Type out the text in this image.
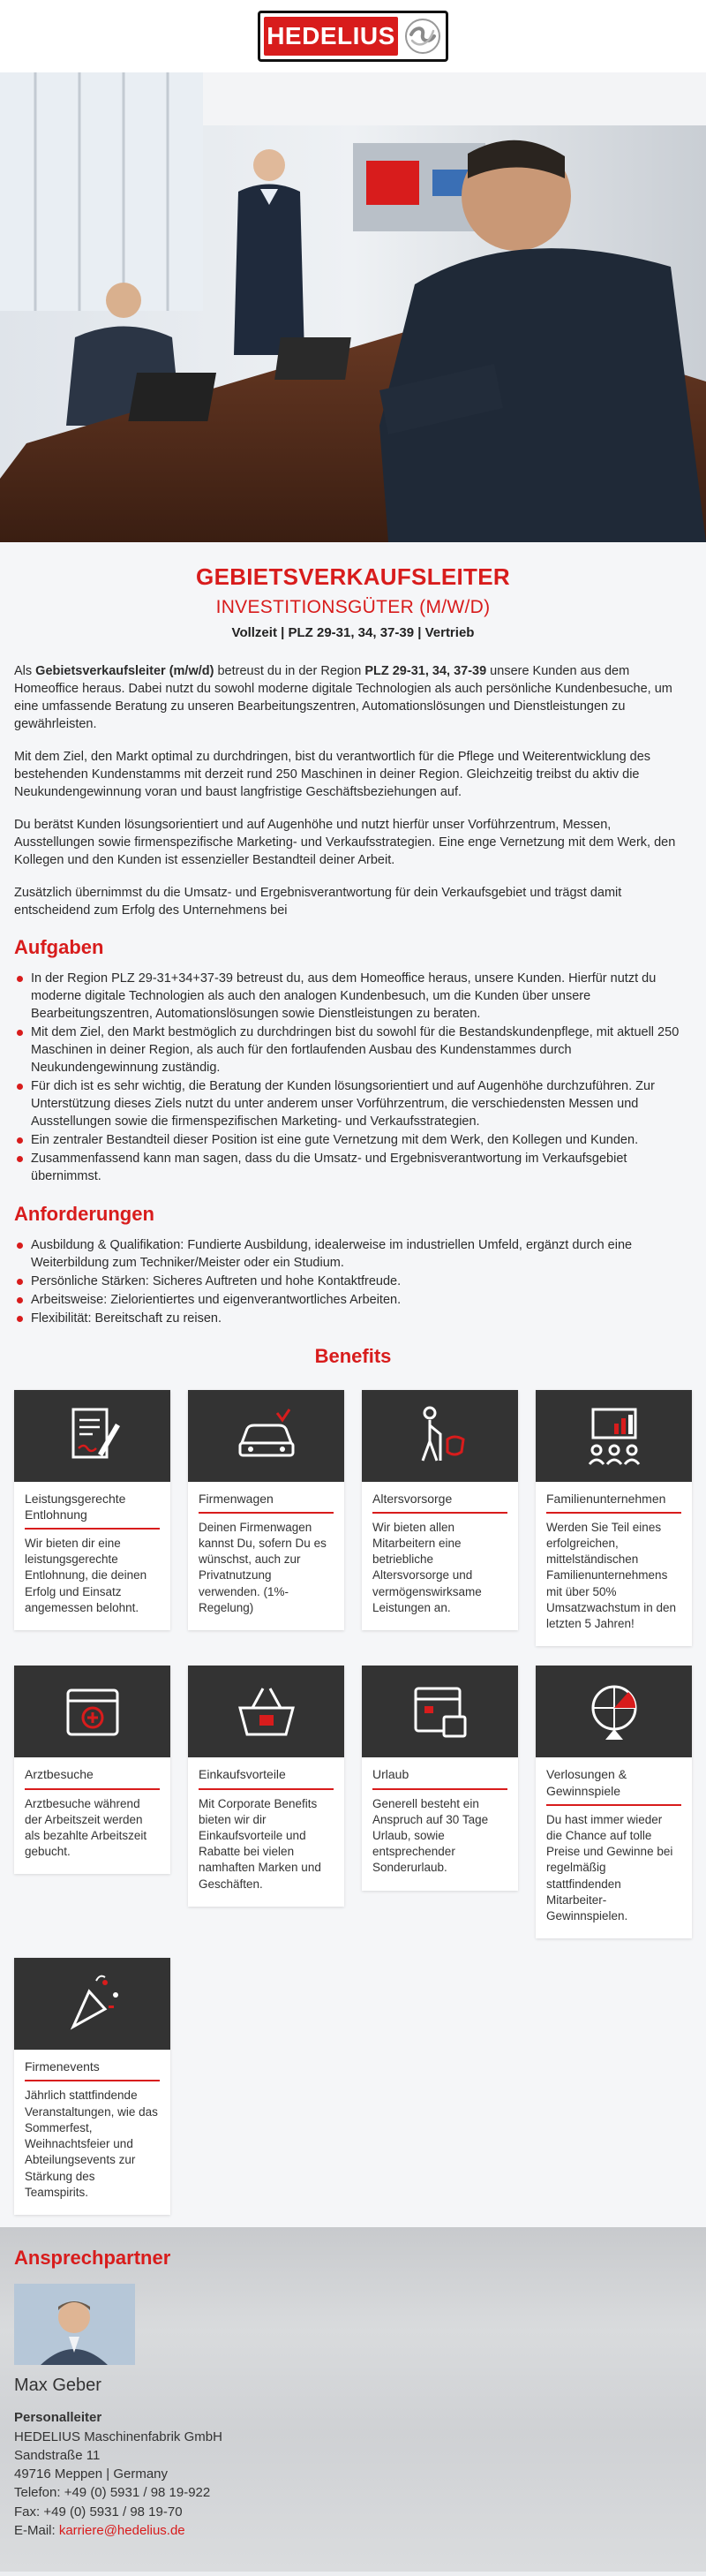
HEDELIUS
GEBIETSVERKAUFSLEITER
INVESTITIONSGÜTER (M/W/D)
Vollzeit | PLZ 29-31, 34, 37-39 | Vertrieb

Als Gebietsverkaufsleiter (m/w/d) betreust du in der Region PLZ 29-31, 34, 37-39 unsere Kunden aus dem Homeoffice heraus. Dabei nutzt du sowohl moderne digitale Technologien als auch persönliche Kundenbesuche, um eine umfassende Beratung zu unseren Bearbeitungszentren, Automationslösungen und Dienstleistungen zu gewährleisten.

Mit dem Ziel, den Markt optimal zu durchdringen, bist du verantwortlich für die Pflege und Weiterentwicklung des bestehenden Kundenstamms mit derzeit rund 250 Maschinen in deiner Region. Gleichzeitig treibst du aktiv die Neukundengewinnung voran und baust langfristige Geschäftsbeziehungen auf.

Du berätst Kunden lösungsorientiert und auf Augenhöhe und nutzt hierfür unser Vorführzentrum, Messen, Ausstellungen sowie firmenspezifische Marketing- und Verkaufsstrategien. Eine enge Vernetzung mit dem Werk, den Kollegen und den Kunden ist essenzieller Bestandteil deiner Arbeit.

Zusätzlich übernimmst du die Umsatz- und Ergebnisverantwortung für dein Verkaufsgebiet und trägst damit entscheidend zum Erfolg des Unternehmens bei

Aufgaben
In der Region PLZ 29-31+34+37-39 betreust du, aus dem Homeoffice heraus, unsere Kunden. Hierfür nutzt du moderne digitale Technologien als auch den analogen Kundenbesuch, um die Kunden über unsere Bearbeitungszentren, Automationslösungen sowie Dienstleistungen zu beraten.
Mit dem Ziel, den Markt bestmöglich zu durchdringen bist du sowohl für die Bestandskundenpflege, mit aktuell 250 Maschinen in deiner Region, als auch für den fortlaufenden Ausbau des Kundenstammes durch Neukundengewinnung zuständig.
Für dich ist es sehr wichtig, die Beratung der Kunden lösungsorientiert und auf Augenhöhe durchzuführen. Zur Unterstützung dieses Ziels nutzt du unter anderem unser Vorführzentrum, die verschiedensten Messen und Ausstellungen sowie die firmenspezifischen Marketing- und Verkaufsstrategien.
Ein zentraler Bestandteil dieser Position ist eine gute Vernetzung mit dem Werk, den Kollegen und Kunden.
Zusammenfassend kann man sagen, dass du die Umsatz- und Ergebnisverantwortung im Verkaufsgebiet übernimmst.
Anforderungen
Ausbildung & Qualifikation: Fundierte Ausbildung, idealerweise im industriellen Umfeld, ergänzt durch eine Weiterbildung zum Techniker/Meister oder ein Studium.
Persönliche Stärken: Sicheres Auftreten und hohe Kontaktfreude.
Arbeitsweise: Zielorientiertes und eigenverantwortliches Arbeiten.
Flexibilität: Bereitschaft zu reisen.
Benefits
Leistungsgerechte Entlohnung
Wir bieten dir eine leistungsgerechte Entlohnung, die deinen Erfolg und Einsatz angemessen belohnt.
Firmenwagen
Deinen Firmenwagen kannst Du, sofern Du es wünschst, auch zur Privatnutzung verwenden. (1%-Regelung)
Altersvorsorge
Wir bieten allen Mitarbeitern eine betriebliche Altersvorsorge und vermögenswirksame Leistungen an.
Familienunternehmen
Werden Sie Teil eines erfolgreichen, mittelständischen Familienunternehmens mit über 50% Umsatzwachstum in den letzten 5 Jahren!
Arztbesuche
Arztbesuche während der Arbeitszeit werden als bezahlte Arbeitszeit gebucht.
Einkaufsvorteile
Mit Corporate Benefits bieten wir dir Einkaufsvorteile und Rabatte bei vielen namhaften Marken und Geschäften.
Urlaub
Generell besteht ein Anspruch auf 30 Tage Urlaub, sowie entsprechender Sonderurlaub.
Verlosungen & Gewinnspiele
Du hast immer wieder die Chance auf tolle Preise und Gewinne bei regelmäßig stattfindenden Mitarbeiter-Gewinnspielen.
Firmenevents
Jährlich stattfindende Veranstaltungen, wie das Sommerfest, Weihnachtsfeier und Abteilungsevents zur Stärkung des Teamspirits.
Ansprechpartner
Max Geber
Personalleiter
HEDELIUS Maschinenfabrik GmbH
Sandstraße 11
49716 Meppen | Germany
Telefon: +49 (0) 5931 / 98 19-922
Fax: +49 (0) 5931 / 98 19-70
E-Mail: karriere@hedelius.de
